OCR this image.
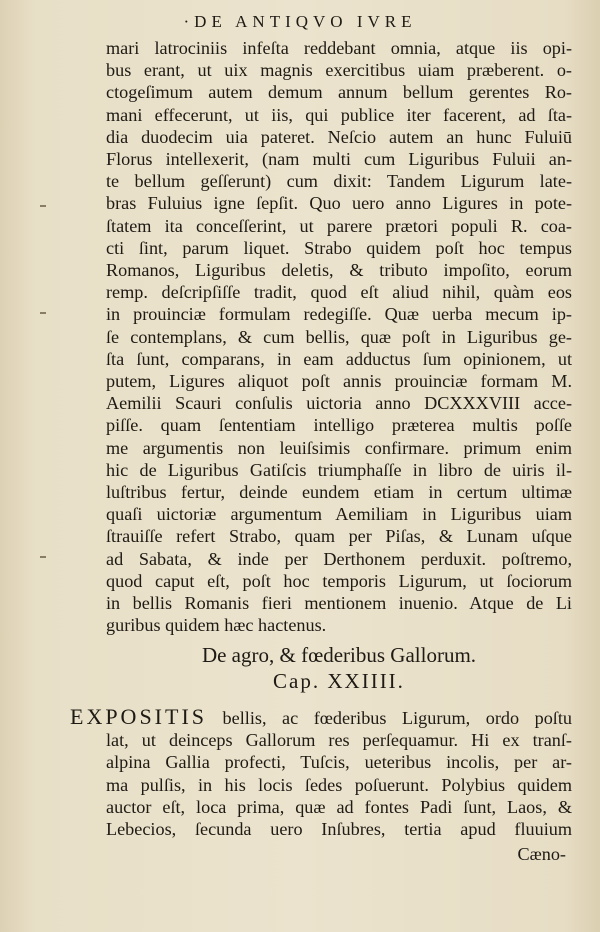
·DE ANTIQVO IVRE
mari latrociniis infeſta reddebant omnia, atque iis opi-
bus erant, ut uix magnis exercitibus uiam præberent. o-
ctogeſimum autem demum annum bellum gerentes Ro-
mani effecerunt, ut iis, qui publice iter facerent, ad ſta-
dia duodecim uia pateret. Neſcio autem an hunc Fuluiū
Florus intellexerit, (nam multi cum Liguribus Fuluii an-
te bellum geſſerunt) cum dixit: Tandem Ligurum late-
bras Fuluius igne ſepſit. Quo uero anno Ligures in pote-
ſtatem ita conceſſerint, ut parere prætori populi R. coa-
cti ſint, parum liquet. Strabo quidem poſt hoc tempus
Romanos, Liguribus deletis, & tributo impoſito, eorum
remp. deſcripſiſſe tradit, quod eſt aliud nihil, quàm eos
in prouinciæ formulam redegiſſe. Quæ uerba mecum ip-
ſe contemplans, & cum bellis, quæ poſt in Liguribus ge-
ſta ſunt, comparans, in eam adductus ſum opinionem, ut
putem, Ligures aliquot poſt annis prouinciæ formam M.
Aemilii Scauri conſulis uictoria anno DCXXXVIII acce-
piſſe. quam ſententiam intelligo præterea multis poſſe
me argumentis non leuiſsimis confirmare. primum enim
hic de Liguribus Gatiſcis triumphaſſe in libro de uiris il-
luſtribus fertur, deinde eundem etiam in certum ultimæ
quaſi uictoriæ argumentum Aemiliam in Liguribus uiam
ſtrauiſſe refert Strabo, quam per Piſas, & Lunam uſque
ad Sabata, & inde per Derthonem perduxit. poſtremo,
quod caput eſt, poſt hoc temporis Ligurum, ut ſociorum
in bellis Romanis fieri mentionem inuenio. Atque de Li
guribus quidem hæc hactenus.
De agro, & fœderibus Gallorum.
Cap. XXIIII.
EXPOSITIS bellis, ac fœderibus Ligurum, ordo poſtu
lat, ut deinceps Gallorum res perſequamur. Hi ex tranſ-
alpina Gallia profecti, Tuſcis, ueteribus incolis, per ar-
ma pulſis, in his locis ſedes poſuerunt. Polybius quidem
auctor eſt, loca prima, quæ ad fontes Padi ſunt, Laos, &
Lebecios, ſecunda uero Inſubres, tertia apud fluuium
Cæno-
